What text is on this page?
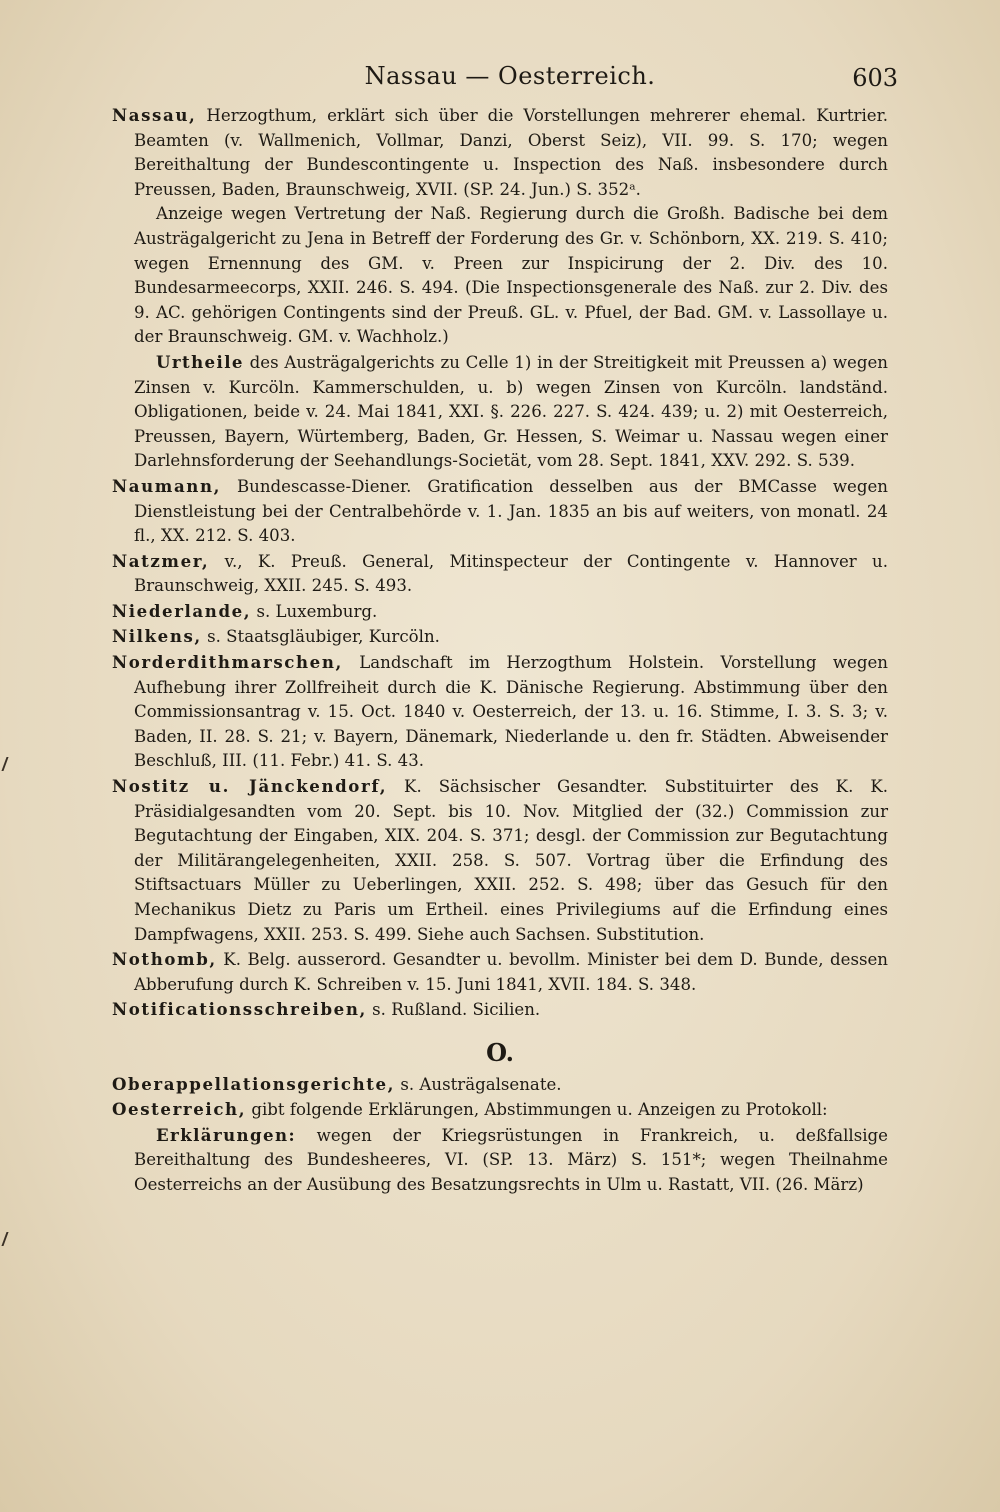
Nassau — Oesterreich.	603

Nassau, Herzogthum, erklärt sich über die Vorstellungen mehrerer ehemal. Kurtrier. Beamten (v. Wallmenich, Vollmar, Danzi, Oberst Seiz), VII. 99. S. 170; wegen Bereithaltung der Bundescontingente u. Inspection des Naß. insbesondere durch Preussen, Baden, Braunschweig, XVII. (SP. 24. Jun.) S. 352ᵃ.

Anzeige wegen Vertretung der Naß. Regierung durch die Großh. Badische bei dem Austrägalgericht zu Jena in Betreff der Forderung des Gr. v. Schönborn, XX. 219. S. 410; wegen Ernennung des GM. v. Preen zur Inspicirung der 2. Div. des 10. Bundesarmeecorps, XXII. 246. S. 494. (Die Inspectionsgenerale des Naß. zur 2. Div. des 9. AC. gehörigen Contingents sind der Preuß. GL. v. Pfuel, der Bad. GM. v. Lassollaye u. der Braunschweig. GM. v. Wachholz.)

Urtheile des Austrägalgerichts zu Celle 1) in der Streitigkeit mit Preussen a) wegen Zinsen v. Kurcöln. Kammerschulden, u. b) wegen Zinsen von Kurcöln. landständ. Obligationen, beide v. 24. Mai 1841, XXI. §. 226. 227. S. 424. 439; u. 2) mit Oesterreich, Preussen, Bayern, Würtemberg, Baden, Gr. Hessen, S. Weimar u. Nassau wegen einer Darlehnsforderung der Seehandlungs-Societät, vom 28. Sept. 1841, XXV. 292. S. 539.

Naumann, Bundescasse-Diener. Gratification desselben aus der BMCasse wegen Dienstleistung bei der Centralbehörde v. 1. Jan. 1835 an bis auf weiters, von monatl. 24 fl., XX. 212. S. 403.

Natzmer, v., K. Preuß. General, Mitinspecteur der Contingente v. Hannover u. Braunschweig, XXII. 245. S. 493.

Niederlande, s. Luxemburg.

Nilkens, s. Staatsgläubiger, Kurcöln.

Norderdithmarschen, Landschaft im Herzogthum Holstein. Vorstellung wegen Aufhebung ihrer Zollfreiheit durch die K. Dänische Regierung. Abstimmung über den Commissionsantrag v. 15. Oct. 1840 v. Oesterreich, der 13. u. 16. Stimme, I. 3. S. 3; v. Baden, II. 28. S. 21; v. Bayern, Dänemark, Niederlande u. den fr. Städten. Abweisender Beschluß, III. (11. Febr.) 41. S. 43.

Nostitz u. Jänckendorf, K. Sächsischer Gesandter. Substituirter des K. K. Präsidialgesandten vom 20. Sept. bis 10. Nov. Mitglied der (32.) Commission zur Begutachtung der Eingaben, XIX. 204. S. 371; desgl. der Commission zur Begutachtung der Militärangelegenheiten, XXII. 258. S. 507. Vortrag über die Erfindung des Stiftsactuars Müller zu Ueberlingen, XXII. 252. S. 498; über das Gesuch für den Mechanikus Dietz zu Paris um Ertheil. eines Privilegiums auf die Erfindung eines Dampfwagens, XXII. 253. S. 499. Siehe auch Sachsen. Substitution.

Nothomb, K. Belg. ausserord. Gesandter u. bevollm. Minister bei dem D. Bunde, dessen Abberufung durch K. Schreiben v. 15. Juni 1841, XVII. 184. S. 348.

Notificationsschreiben, s. Rußland. Sicilien.

O.

Oberappellationsgerichte, s. Austrägalsenate.

Oesterreich, gibt folgende Erklärungen, Abstimmungen u. Anzeigen zu Protokoll:

Erklärungen: wegen der Kriegsrüstungen in Frankreich, u. deßfallsige Bereithaltung des Bundesheeres, VI. (SP. 13. März) S. 151*; wegen Theilnahme Oesterreichs an der Ausübung des Besatzungsrechts in Ulm u. Rastatt, VII. (26. März)
